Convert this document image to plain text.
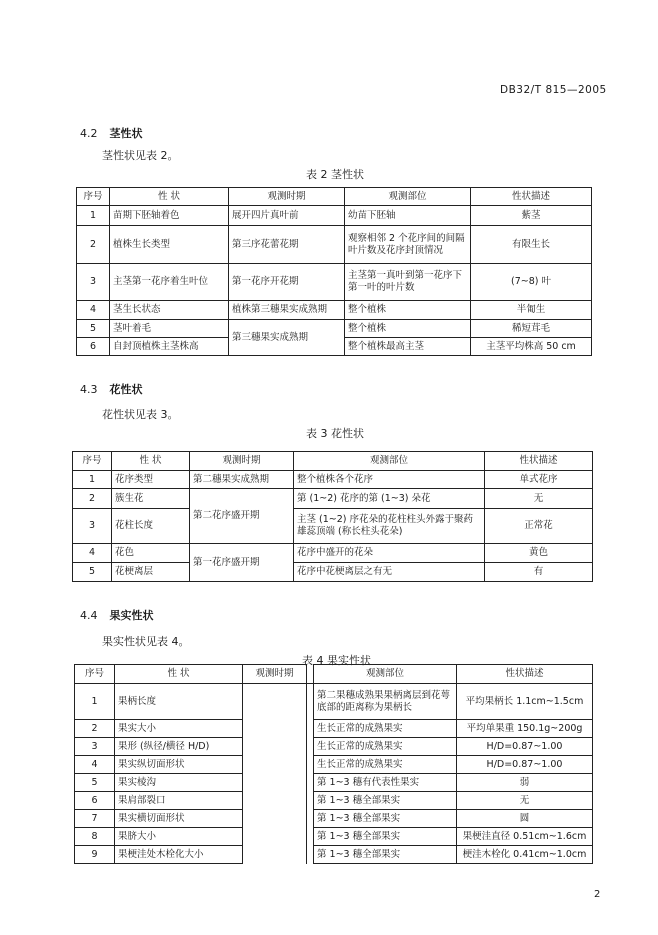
DB32/T 815—2005
4.2 茎性状
茎性状见表 2。
表 2 茎性状
序号	性 状	观测时期	观测部位	性状描述
1	苗期下胚轴着色	展开四片真叶前	幼苗下胚轴	紫茎
2	植株生长类型	第三序花蕾花期	观察相邻 2 个花序间的间隔叶片数及花序封顶情况	有限生长
3	主茎第一花序着生叶位	第一花序开花期	主茎第一真叶到第一花序下第一叶的叶片数	(7~8) 叶
4	茎生长状态	植株第三穗果实成熟期	整个植株	半匍生
5	茎叶着毛	第三穗果实成熟期	整个植株	稀短茸毛
6	自封顶植株主茎株高		整个植株最高主茎	主茎平均株高 50 cm
4.3 花性状
花性状见表 3。
表 3 花性状
序号	性 状	观测时期	观测部位	性状描述
1	花序类型	第二穗果实成熟期	整个植株各个花序	单式花序
2	簇生花	第二花序盛开期	第 (1~2) 花序的第 (1~3) 朵花	无
3	花柱长度		主茎 (1~2) 序花朵的花柱柱头外露于聚药雄蕊顶端 (称长柱头花朵)	正常花
4	花色	第一花序盛开期	花序中盛开的花朵	黄色
5	花梗离层		花序中花梗离层之有无	有
4.4 果实性状
果实性状见表 4。
表 4 果实性状
序号	性 状	观测时期		观测部位	性状描述
1	果柄长度			第二果穗成熟果果柄离层到花萼底部的距离称为果柄长	平均果柄长 1.1cm~1.5cm
2	果实大小			生长正常的成熟果实	平均单果重 150.1g~200g
3	果形 (纵径/横径 H/D)			生长正常的成熟果实	H/D=0.87~1.00
4	果实纵切面形状			生长正常的成熟果实	H/D=0.87~1.00
5	果实棱沟			第 1~3 穗有代表性果实	弱
6	果肩部裂口			第 1~3 穗全部果实	无
7	果实横切面形状			第 1~3 穗全部果实	圆
8	果脐大小			第 1~3 穗全部果实	果梗洼直径 0.51cm~1.6cm
9	果梗洼处木栓化大小			第 1~3 穗全部果实	梗洼木栓化 0.41cm~1.0cm
2
